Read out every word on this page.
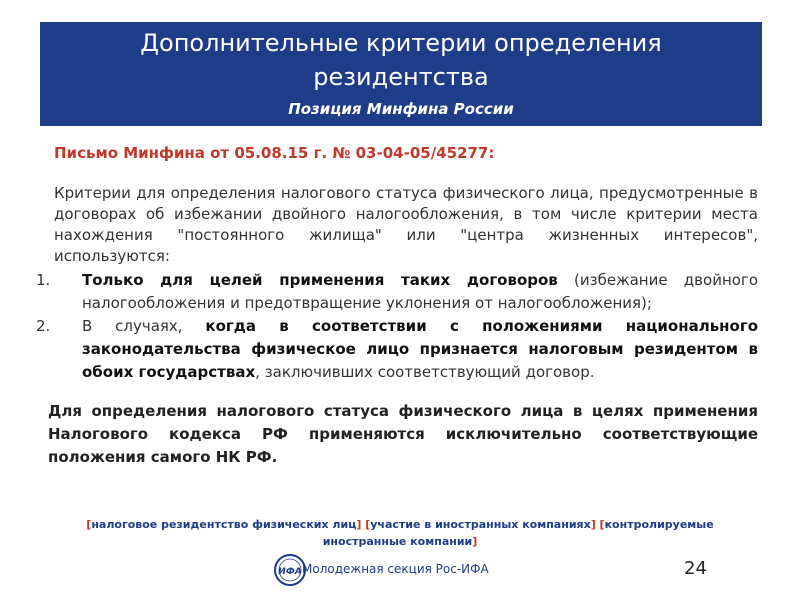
Дополнительные критерии определения
резидентства
Позиция Минфина России
Письмо Минфина от 05.08.15 г. № 03-04-05/45277:
Критерии для определения налогового статуса физического лица, предусмотренные в договорах об избежании двойного налогообложения, в том числе критерии места нахождения "постоянного жилища" или "центра жизненных интересов", используются:
1. Только для целей применения таких договоров (избежание двойного налогообложения и предотвращение уклонения от налогообложения);
2. В случаях, когда в соответствии с положениями национального законодательства физическое лицо признается налоговым резидентом в обоих государствах, заключивших соответствующий договор.
Для определения налогового статуса физического лица в целях применения Налогового кодекса РФ применяются исключительно соответствующие положения самого НК РФ.
[налоговое резидентство физических лиц] [участие в иностранных компаниях] [контролируемые иностранные компании]
ИФА Молодежная секция Рос-ИФА	24
